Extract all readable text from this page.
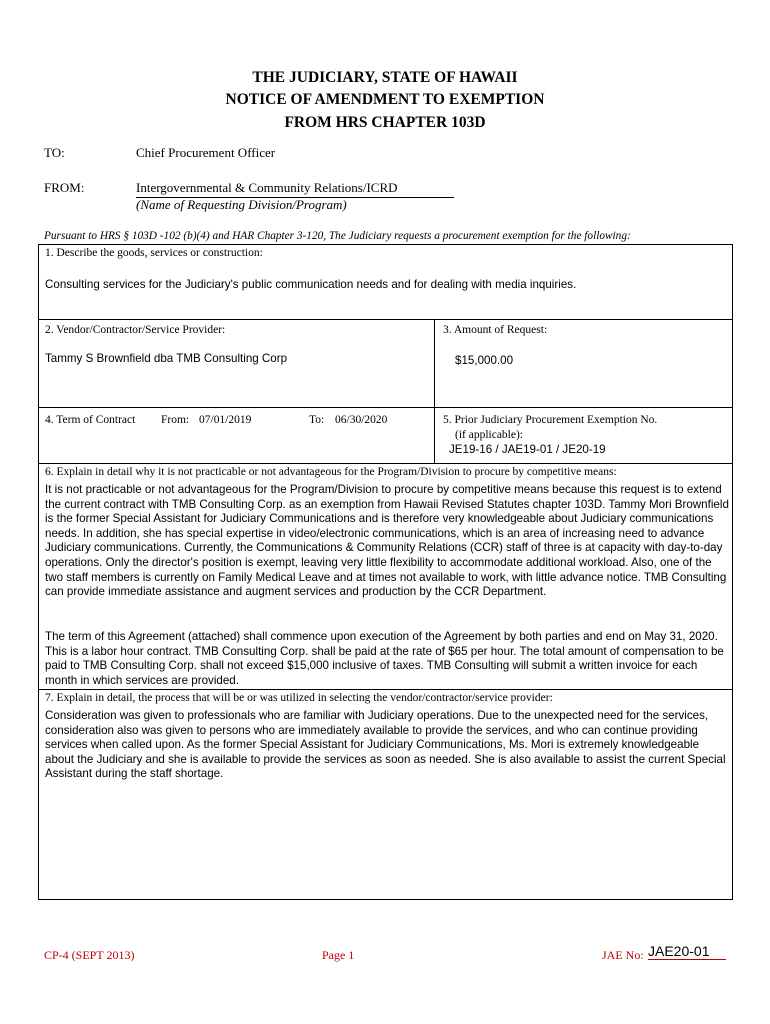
THE JUDICIARY, STATE OF HAWAII
NOTICE OF AMENDMENT TO EXEMPTION
FROM HRS CHAPTER 103D
TO:	Chief Procurement Officer
FROM:	Intergovernmental & Community Relations/ICRD
(Name of Requesting Division/Program)
Pursuant to HRS § 103D -102 (b)(4) and HAR Chapter 3-120, The Judiciary requests a procurement exemption for the following:
1. Describe the goods, services or construction:
Consulting services for the Judiciary's public communication needs and for dealing with media inquiries.
2. Vendor/Contractor/Service Provider:
Tammy S Brownfield dba TMB Consulting Corp
3. Amount of Request:
$15,000.00
4. Term of Contract From: 07/01/2019	To: 06/30/2020	5. Prior Judiciary Procurement Exemption No.
(if applicable):
JE19-16 / JAE19-01 / JE20-19
6. Explain in detail why it is not practicable or not advantageous for the Program/Division to procure by competitive means:
It is not practicable or not advantageous for the Program/Division to procure by competitive means because this request is to extend the current contract with TMB Consulting Corp. as an exemption from Hawaii Revised Statutes chapter 103D. Tammy Mori Brownfield is the former Special Assistant for Judiciary Communications and is therefore very knowledgeable about Judiciary communications needs. In addition, she has special expertise in video/electronic communications, which is an area of increasing need to advance Judiciary communications. Currently, the Communications & Community Relations (CCR) staff of three is at capacity with day-to-day operations. Only the director's position is exempt, leaving very little flexibility to accommodate additional workload. Also, one of the two staff members is currently on Family Medical Leave and at times not available to work, with little advance notice. TMB Consulting can provide immediate assistance and augment services and production by the CCR Department.
The term of this Agreement (attached) shall commence upon execution of the Agreement by both parties and end on May 31, 2020. This is a labor hour contract. TMB Consulting Corp. shall be paid at the rate of $65 per hour. The total amount of compensation to be paid to TMB Consulting Corp. shall not exceed $15,000 inclusive of taxes. TMB Consulting will submit a written invoice for each month in which services are provided.
7. Explain in detail, the process that will be or was utilized in selecting the vendor/contractor/service provider:
Consideration was given to professionals who are familiar with Judiciary operations. Due to the unexpected need for the services, consideration also was given to persons who are immediately available to provide the services, and who can continue providing services when called upon. As the former Special Assistant for Judiciary Communications, Ms. Mori is extremely knowledgeable about the Judiciary and she is available to provide the services as soon as needed. She is also available to assist the current Special Assistant during the staff shortage.
CP-4 (SEPT 2013)	Page 1	JAE No: JAE20-01
